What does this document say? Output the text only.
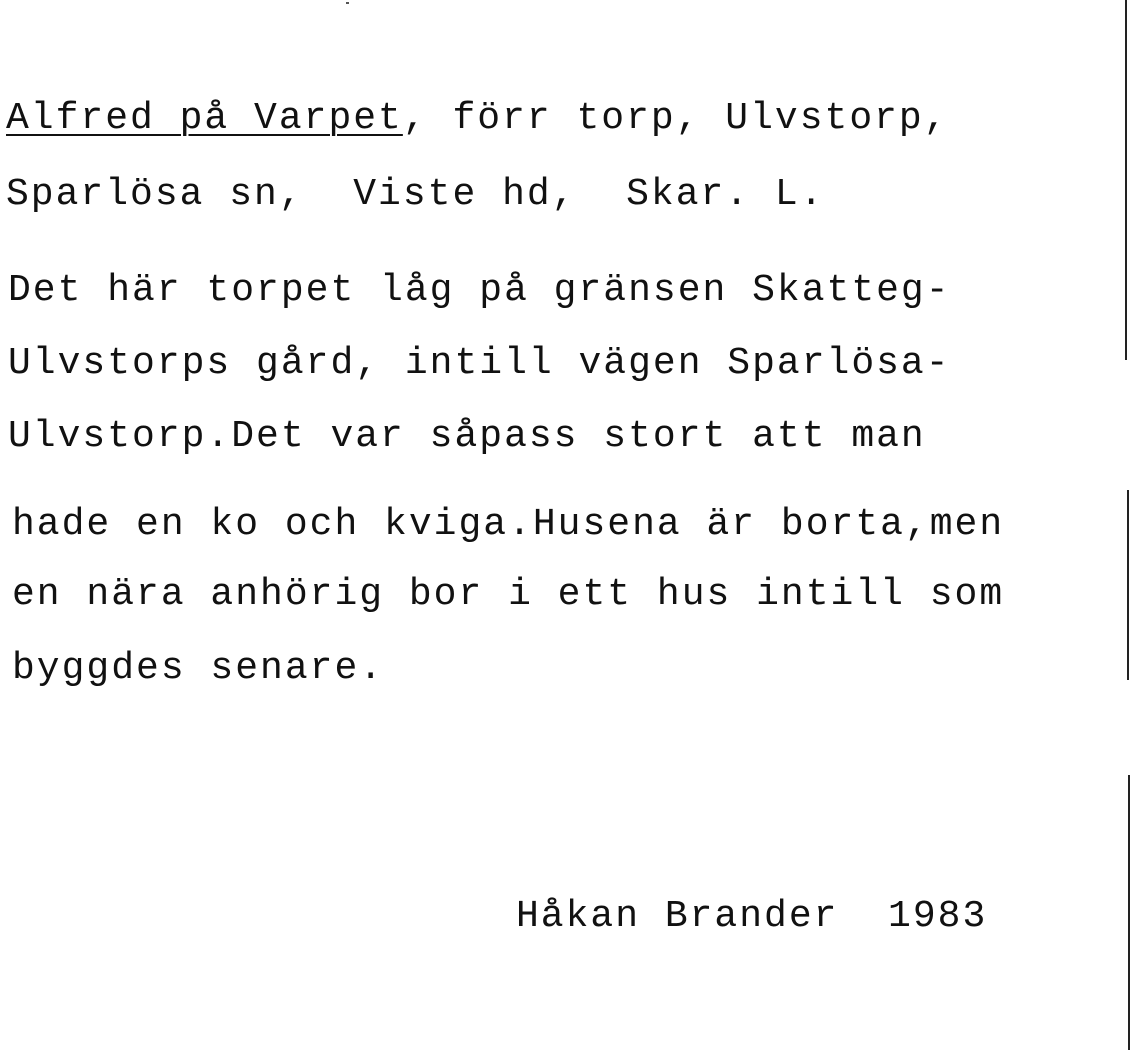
Alfred på Varpet, förr torp, Ulvstorp,
Sparlösa sn,  Viste hd,  Skar. L.
Det här torpet låg på gränsen Skatteg-
Ulvstorps gård, intill vägen Sparlösa-
Ulvstorp.Det var såpass stort att man
hade en ko och kviga.Husena är borta,men
en nära anhörig bor i ett hus intill som
byggdes senare.
Håkan Brander  1983
